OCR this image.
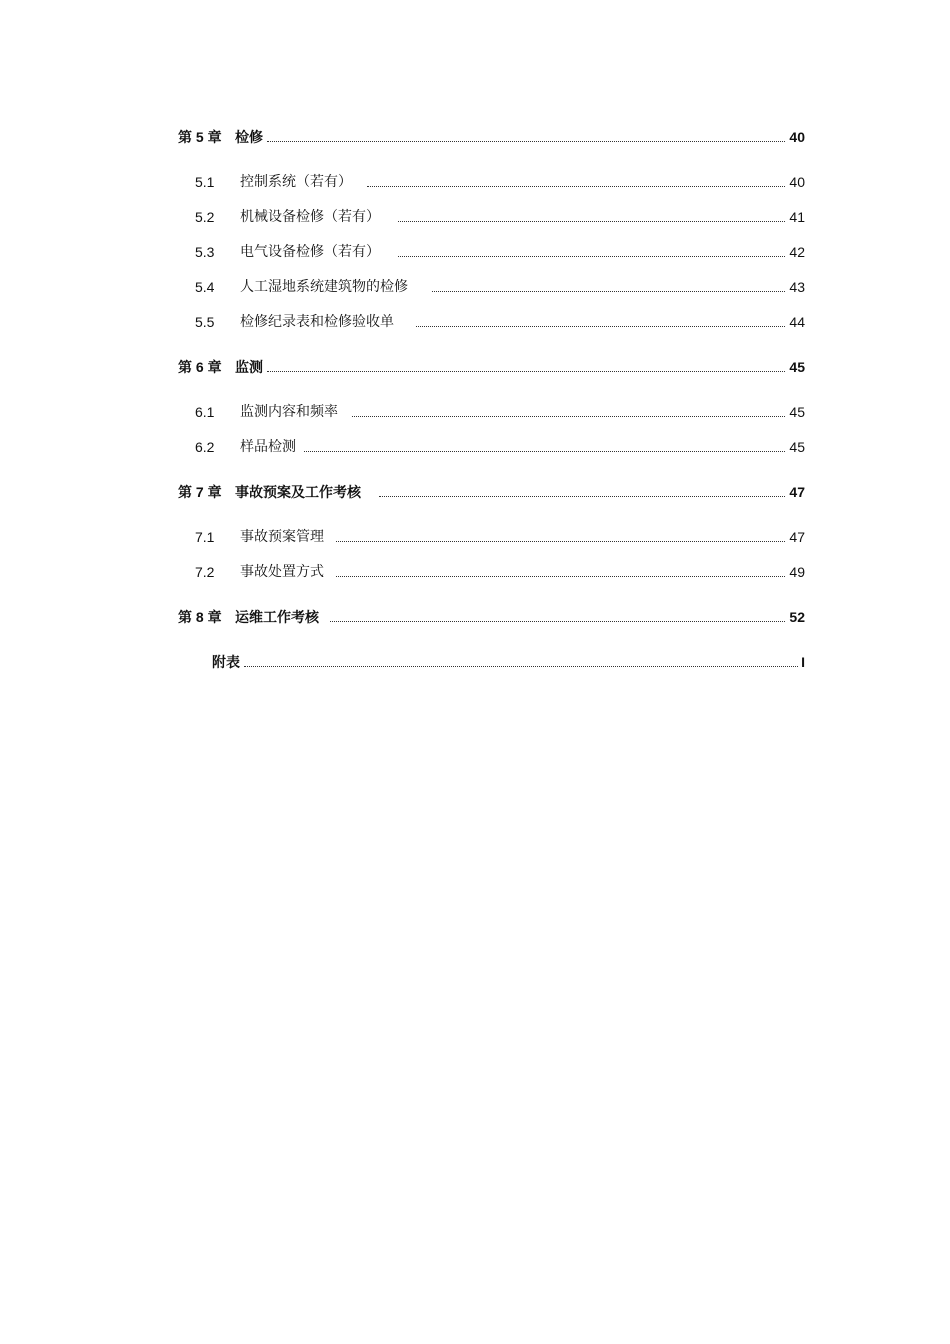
第 5 章 检修	40
5.1 控制系统（若有）	40
5.2 机械设备检修（若有）	41
5.3 电气设备检修（若有）	42
5.4 人工湿地系统建筑物的检修	43
5.5 检修纪录表和检修验收单	44
第 6 章 监测	45
6.1 监测内容和频率	45
6.2 样品检测	45
第 7 章 事故预案及工作考核	47
7.1 事故预案管理	47
7.2 事故处置方式	49
第 8 章 运维工作考核	52
附表	I
